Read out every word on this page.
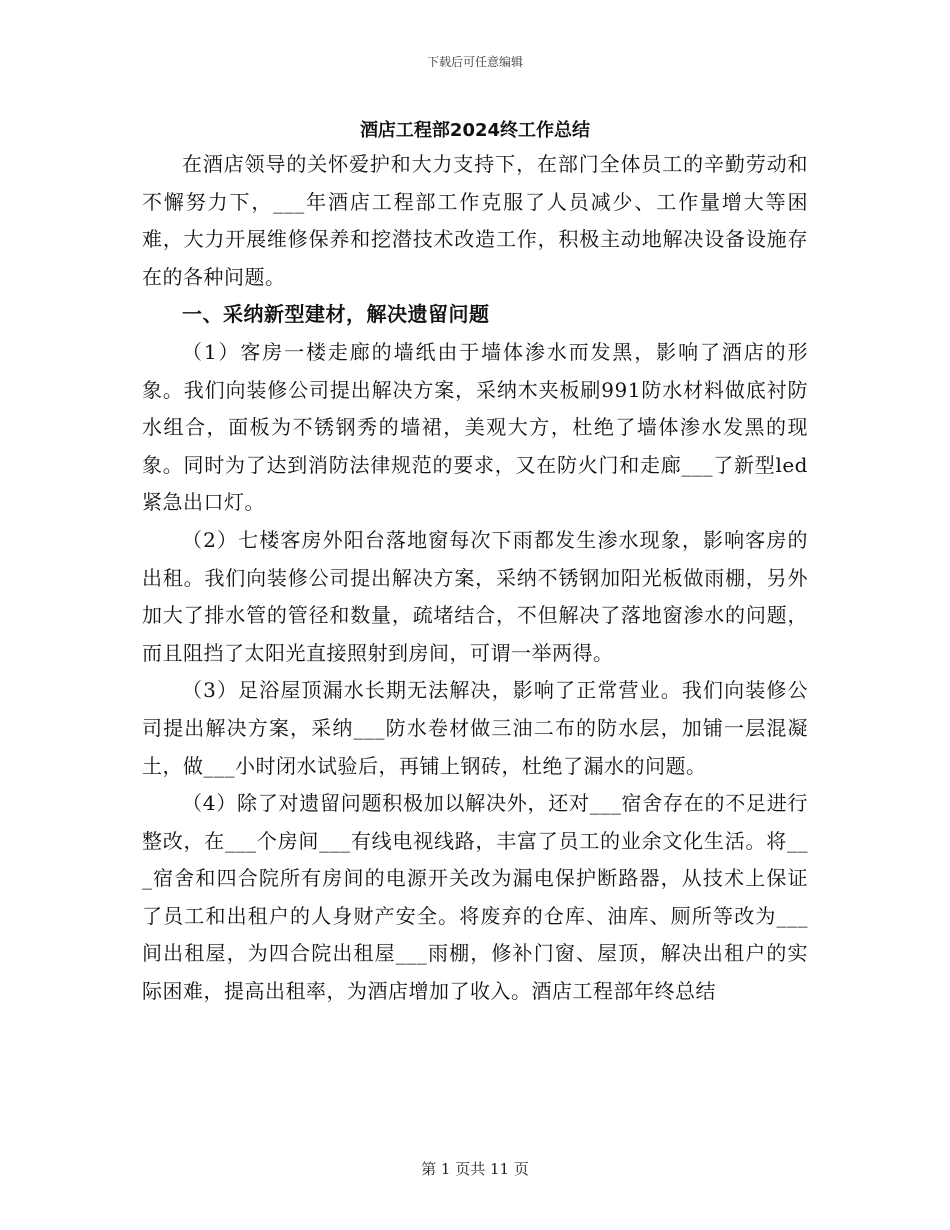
下载后可任意编辑
酒店工程部2024终工作总结

在酒店领导的关怀爱护和大力支持下，在部门全体员工的辛勤劳动和不懈努力下，___年酒店工程部工作克服了人员减少、工作量增大等困难，大力开展维修保养和挖潜技术改造工作，积极主动地解决设备设施存在的各种问题。

一、采纳新型建材，解决遗留问题

（1）客房一楼走廊的墙纸由于墙体渗水而发黑，影响了酒店的形象。我们向装修公司提出解决方案，采纳木夹板刷991防水材料做底衬防水组合，面板为不锈钢秀的墙裙，美观大方，杜绝了墙体渗水发黑的现象。同时为了达到消防法律规范的要求，又在防火门和走廊___了新型led紧急出口灯。

（2）七楼客房外阳台落地窗每次下雨都发生渗水现象，影响客房的出租。我们向装修公司提出解决方案，采纳不锈钢加阳光板做雨棚，另外加大了排水管的管径和数量，疏堵结合，不但解决了落地窗渗水的问题，而且阻挡了太阳光直接照射到房间，可谓一举两得。

（3）足浴屋顶漏水长期无法解决，影响了正常营业。我们向装修公司提出解决方案，采纳___防水卷材做三油二布的防水层，加铺一层混凝土，做___小时闭水试验后，再铺上钢砖，杜绝了漏水的问题。

（4）除了对遗留问题积极加以解决外，还对___宿舍存在的不足进行整改，在___个房间___有线电视线路，丰富了员工的业余文化生活。将___宿舍和四合院所有房间的电源开关改为漏电保护断路器，从技术上保证了员工和出租户的人身财产安全。将废弃的仓库、油库、厕所等改为___间出租屋，为四合院出租屋___雨棚，修补门窗、屋顶，解决出租户的实际困难，提高出租率，为酒店增加了收入。酒店工程部年终总结

第 1 页共 11 页
